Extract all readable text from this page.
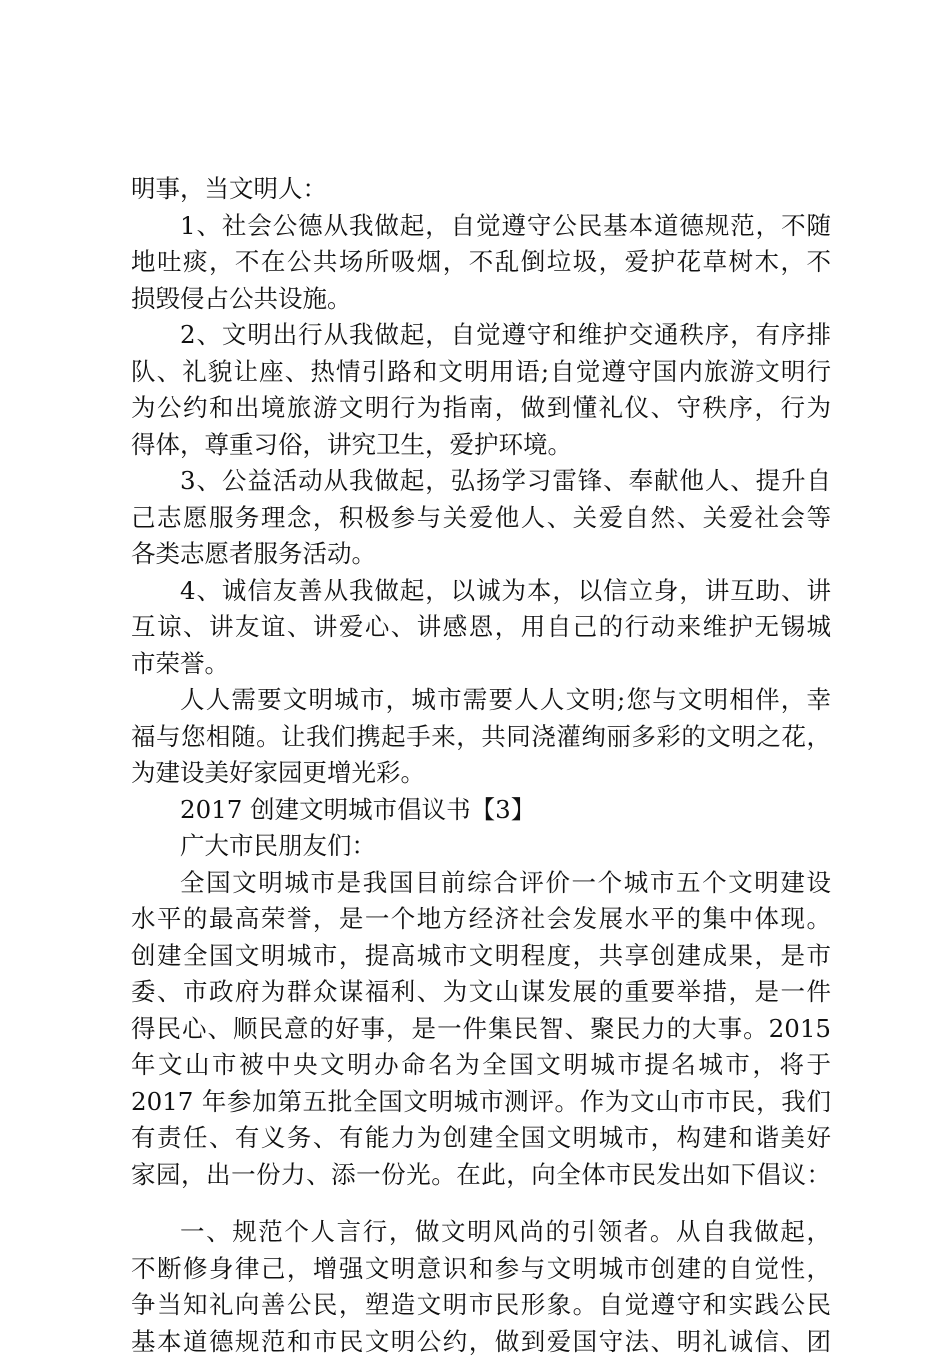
明事，当文明人：
1、社会公德从我做起，自觉遵守公民基本道德规范，不随
地吐痰，不在公共场所吸烟，不乱倒垃圾，爱护花草树木，不
损毁侵占公共设施。
2、文明出行从我做起，自觉遵守和维护交通秩序，有序排
队、礼貌让座、热情引路和文明用语;自觉遵守国内旅游文明行
为公约和出境旅游文明行为指南，做到懂礼仪、守秩序，行为
得体，尊重习俗，讲究卫生，爱护环境。
3、公益活动从我做起，弘扬学习雷锋、奉献他人、提升自
己志愿服务理念，积极参与关爱他人、关爱自然、关爱社会等
各类志愿者服务活动。
4、诚信友善从我做起，以诚为本，以信立身，讲互助、讲
互谅、讲友谊、讲爱心、讲感恩，用自己的行动来维护无锡城
市荣誉。
人人需要文明城市，城市需要人人文明;您与文明相伴，幸
福与您相随。让我们携起手来，共同浇灌绚丽多彩的文明之花，
为建设美好家园更增光彩。
2017 创建文明城市倡议书【3】
广大市民朋友们：
全国文明城市是我国目前综合评价一个城市五个文明建设
水平的最高荣誉，是一个地方经济社会发展水平的集中体现。
创建全国文明城市，提高城市文明程度，共享创建成果，是市
委、市政府为群众谋福利、为文山谋发展的重要举措，是一件
得民心、顺民意的好事，是一件集民智、聚民力的大事。2015
年文山市被中央文明办命名为全国文明城市提名城市，将于
2017 年参加第五批全国文明城市测评。作为文山市市民，我们
有责任、有义务、有能力为创建全国文明城市，构建和谐美好
家园，出一份力、添一份光。在此，向全体市民发出如下倡议：
一、规范个人言行，做文明风尚的引领者。从自我做起，
不断修身律己，增强文明意识和参与文明城市创建的自觉性，
争当知礼向善公民，塑造文明市民形象。自觉遵守和实践公民
基本道德规范和市民文明公约，做到爱国守法、明礼诚信、团
